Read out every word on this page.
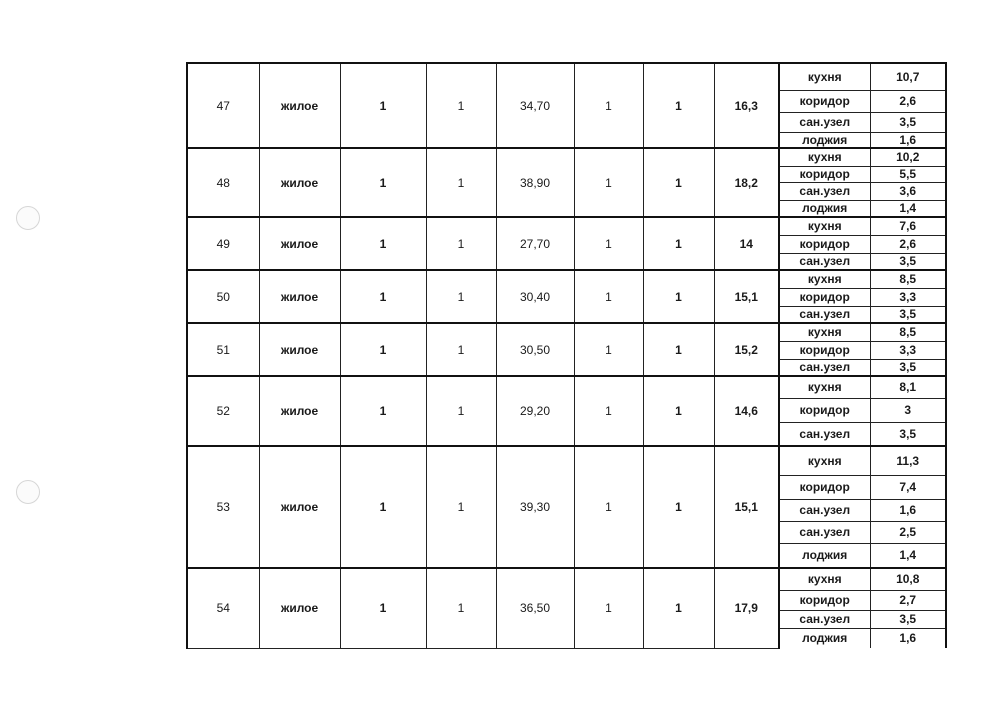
47	жилое	1	1	34,70	1	1	16,3	кухня	10,7
								коридор	2,6
								сан.узел	3,5
								лоджия	1,6
48	жилое	1	1	38,90	1	1	18,2	кухня	10,2
								коридор	5,5
								сан.узел	3,6
								лоджия	1,4
49	жилое	1	1	27,70	1	1	14	кухня	7,6
								коридор	2,6
								сан.узел	3,5
50	жилое	1	1	30,40	1	1	15,1	кухня	8,5
								коридор	3,3
								сан.узел	3,5
51	жилое	1	1	30,50	1	1	15,2	кухня	8,5
								коридор	3,3
								сан.узел	3,5
52	жилое	1	1	29,20	1	1	14,6	кухня	8,1
								коридор	3
								сан.узел	3,5
53	жилое	1	1	39,30	1	1	15,1	кухня	11,3
								коридор	7,4
								сан.узел	1,6
								сан.узел	2,5
								лоджия	1,4
54	жилое	1	1	36,50	1	1	17,9	кухня	10,8
								коридор	2,7
								сан.узел	3,5
								лоджия	1,6
